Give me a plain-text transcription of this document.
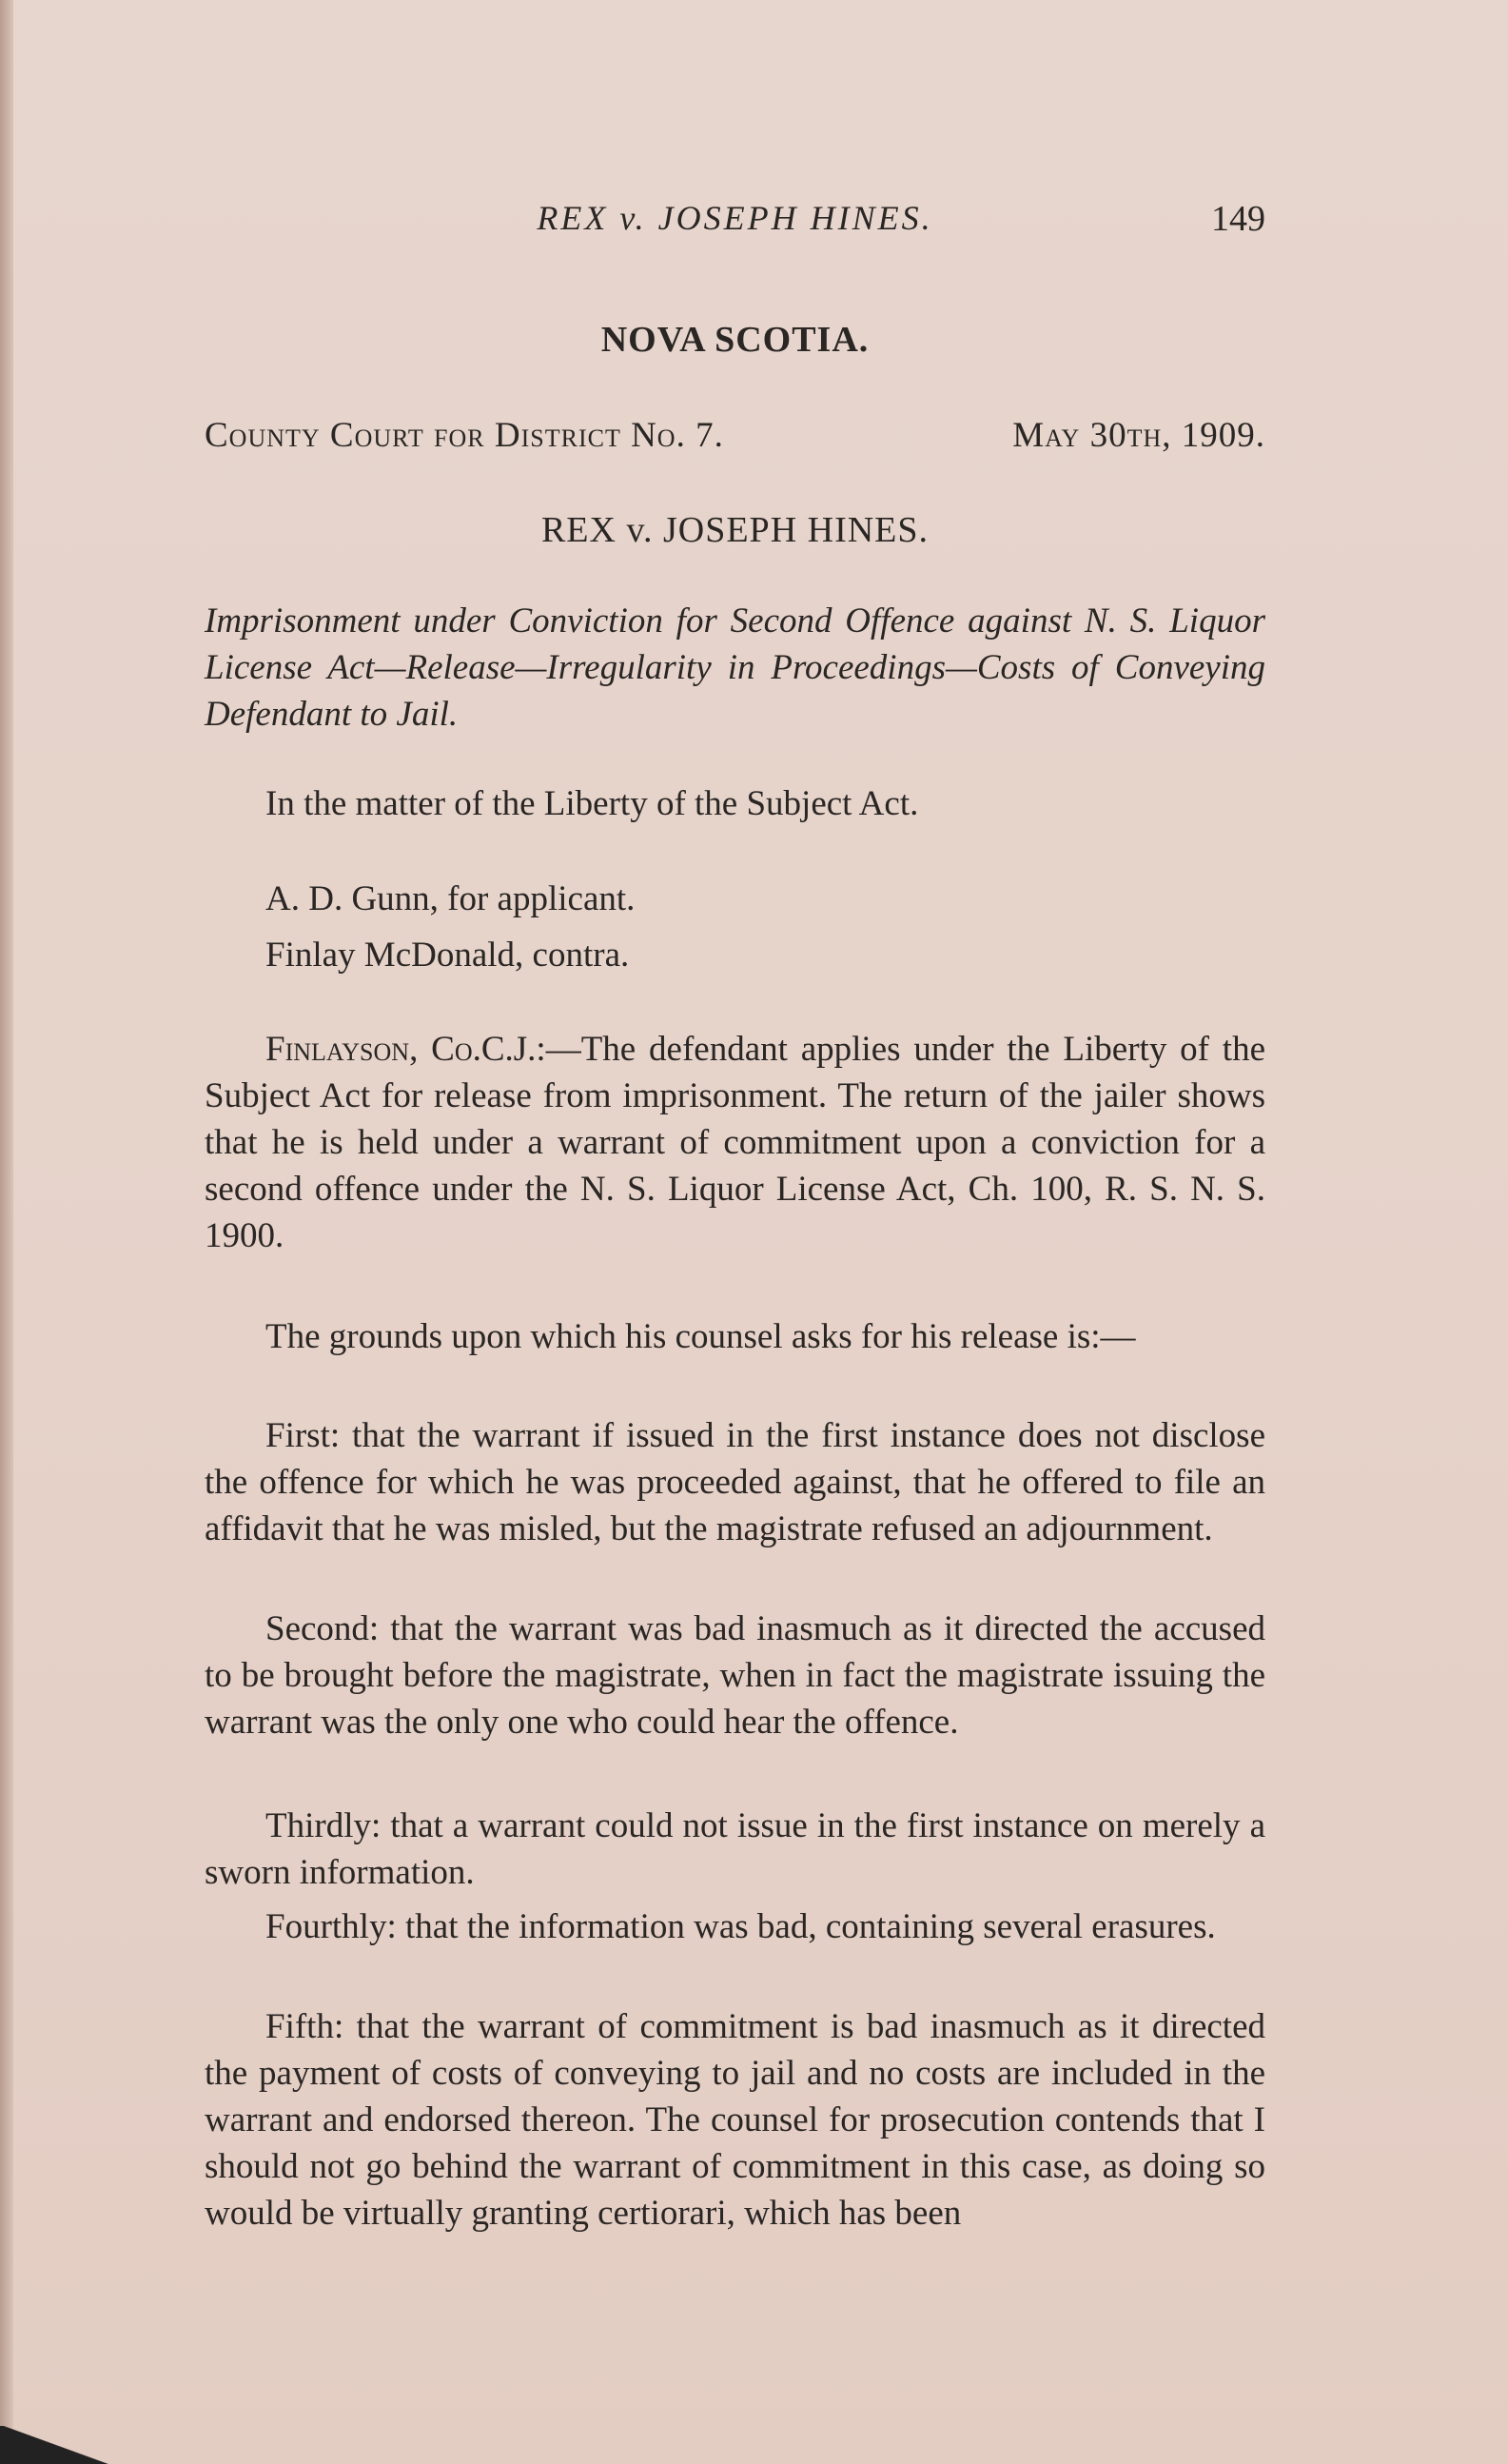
REX v. JOSEPH HINES.	149
NOVA SCOTIA.
County Court for District No. 7.	May 30th, 1909.
REX v. JOSEPH HINES.
Imprisonment under Conviction for Second Offence against N. S. Liquor License Act—Release—Irregularity in Proceedings—Costs of Conveying Defendant to Jail.
In the matter of the Liberty of the Subject Act.
A. D. Gunn, for applicant.
Finlay McDonald, contra.

Finlayson, Co.C.J.:—The defendant applies under the Liberty of the Subject Act for release from imprisonment. The return of the jailer shows that he is held under a warrant of commitment upon a conviction for a second offence under the N. S. Liquor License Act, Ch. 100, R. S. N. S. 1900.

The grounds upon which his counsel asks for his release is:—

First: that the warrant if issued in the first instance does not disclose the offence for which he was proceeded against, that he offered to file an affidavit that he was misled, but the magistrate refused an adjournment.

Second: that the warrant was bad inasmuch as it directed the accused to be brought before the magistrate, when in fact the magistrate issuing the warrant was the only one who could hear the offence.

Thirdly: that a warrant could not issue in the first instance on merely a sworn information.

Fourthly: that the information was bad, containing several erasures.

Fifth: that the warrant of commitment is bad inasmuch as it directed the payment of costs of conveying to jail and no costs are included in the warrant and endorsed thereon. The counsel for prosecution contends that I should not go behind the warrant of commitment in this case, as doing so would be virtually granting certiorari, which has been
